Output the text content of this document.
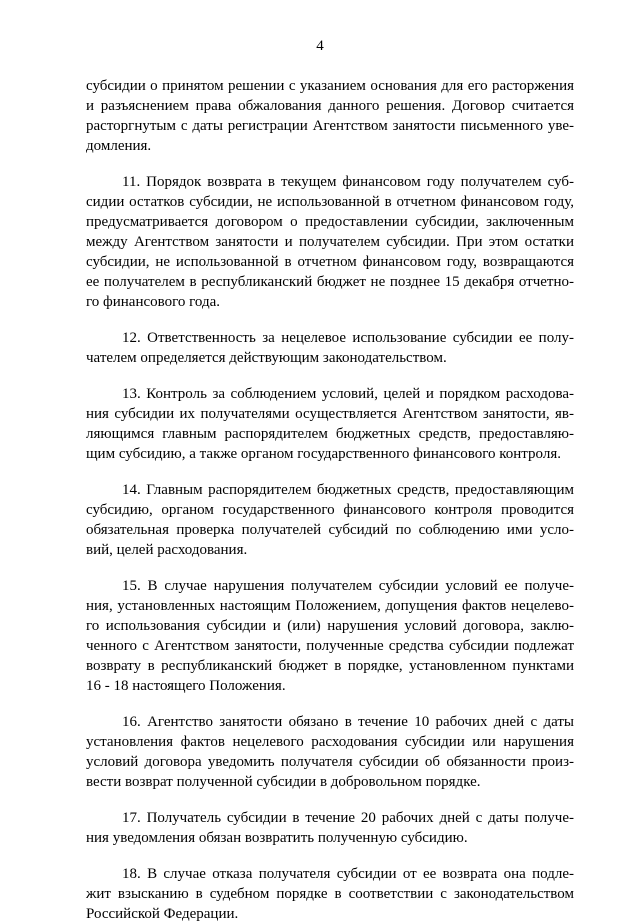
4

субсидии о принятом решении с указанием основания для его расторжения
и разъяснением права обжалования данного решения. Договор считается
расторгнутым с даты регистрации Агентством занятости письменного уве-
домления.

11. Порядок возврата в текущем финансовом году получателем суб-
сидии остатков субсидии, не использованной в отчетном финансовом году,
предусматривается договором о предоставлении субсидии, заключенным
между Агентством занятости и получателем субсидии. При этом остатки
субсидии, не использованной в отчетном финансовом году, возвращаются
ее получателем в республиканский бюджет не позднее 15 декабря отчетно-
го финансового года.

12. Ответственность за нецелевое использование субсидии ее полу-
чателем определяется действующим законодательством.

13. Контроль за соблюдением условий, целей и порядком расходова-
ния субсидии их получателями осуществляется Агентством занятости, яв-
ляющимся главным распорядителем бюджетных средств, предоставляю-
щим субсидию, а также органом государственного финансового контроля.

14. Главным распорядителем бюджетных средств, предоставляющим
субсидию, органом государственного финансового контроля проводится
обязательная проверка получателей субсидий по соблюдению ими усло-
вий, целей расходования.

15. В случае нарушения получателем субсидии условий ее получе-
ния, установленных настоящим Положением, допущения фактов нецелево-
го использования субсидии и (или) нарушения условий договора, заклю-
ченного с Агентством занятости, полученные средства субсидии подлежат
возврату в республиканский бюджет в порядке, установленном пунктами
16 - 18 настоящего Положения.

16. Агентство занятости обязано в течение 10 рабочих дней с даты
установления фактов нецелевого расходования субсидии или нарушения
условий договора уведомить получателя субсидии об обязанности произ-
вести возврат полученной субсидии в добровольном порядке.

17. Получатель субсидии в течение 20 рабочих дней с даты получе-
ния уведомления обязан возвратить полученную субсидию.

18. В случае отказа получателя субсидии от ее возврата она подле-
жит взысканию в судебном порядке в соответствии с законодательством
Российской Федерации.
